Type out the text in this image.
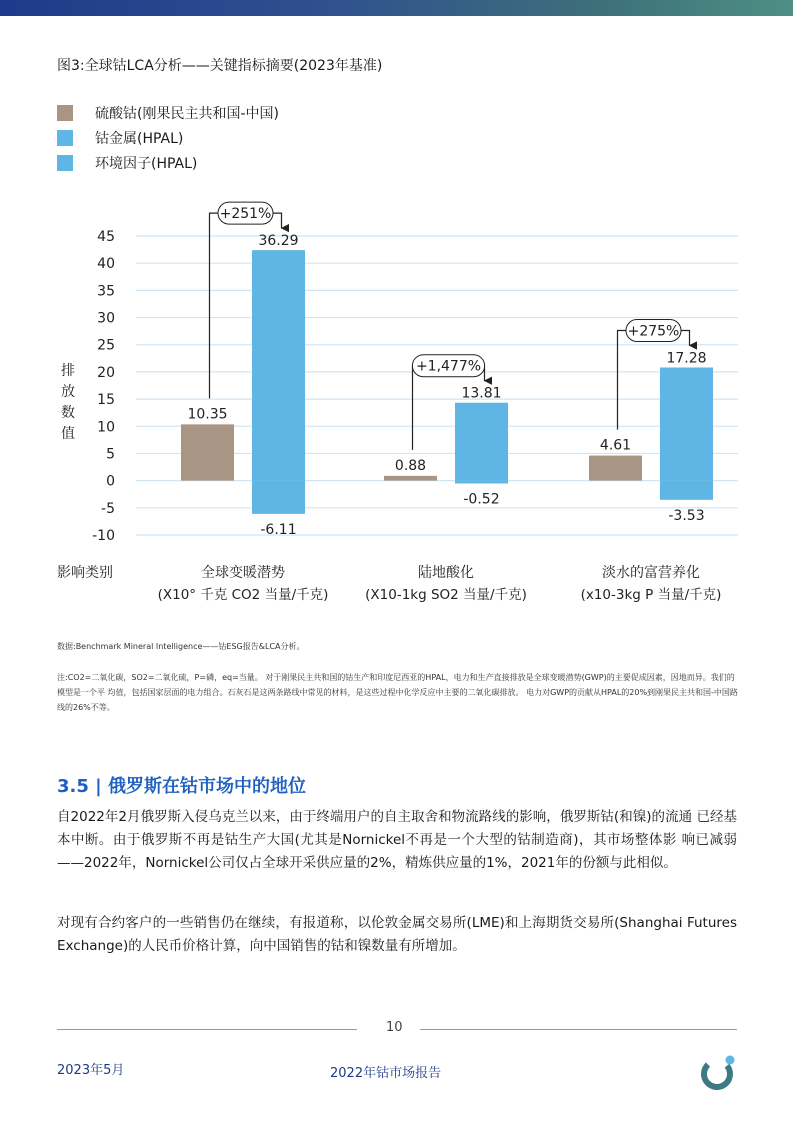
图3:全球钴LCA分析——关键指标摘要(2023年基准)
硫酸钴(刚果民主共和国-中国)
钴金属(HPAL)
环境因子(HPAL)
45
40
35
30
25
20
15
10
5
0
-5
-10
排
放
数
值
影响类别
10.35
36.29
-6.11
+251%
全球变暖潜势
(X10° 千克 CO2 当量/千克)
0.88
13.81
-0.52
+1,477%
陆地酸化
(X10-1kg SO2 当量/千克)
4.61
17.28
-3.53
+275%
淡水的富营养化
(x10-3kg P 当量/千克)
数据:Benchmark Mineral Intelligence——钴ESG报告&LCA分析。
注:CO2=二氧化碳，SO2=二氧化硫，P=磷，eq=当量。 对于刚果民主共和国的钴生产和印度尼西亚的HPAL，电力和生产直接排放是全球变暖潜势(GWP)的主要促成因素，因地而异。我们的模型是一个平 均值，包括国家层面的电力组合。石灰石是这两条路线中常见的材料，是这些过程中化学反应中主要的二氧化碳排放。 电力对GWP的贡献从HPAL的20%到刚果民主共和国-中国路线的26%不等。
3.5 | 俄罗斯在钴市场中的地位
自2022年2月俄罗斯入侵乌克兰以来，由于终端用户的自主取舍和物流路线的影响，俄罗斯钴(和镍)的流通 已经基本中断。由于俄罗斯不再是钴生产大国(尤其是Nornickel不再是一个大型的钴制造商)，其市场整体影 响已减弱——2022年，Nornickel公司仅占全球开采供应量的2%，精炼供应量的1%，2021年的份额与此相似。
对现有合约客户的一些销售仍在继续，有报道称，以伦敦金属交易所(LME)和上海期货交易所(Shanghai Futures Exchange)的人民币价格计算，向中国销售的钴和镍数量有所增加。
10
2023年5月	2022年钴市场报告
